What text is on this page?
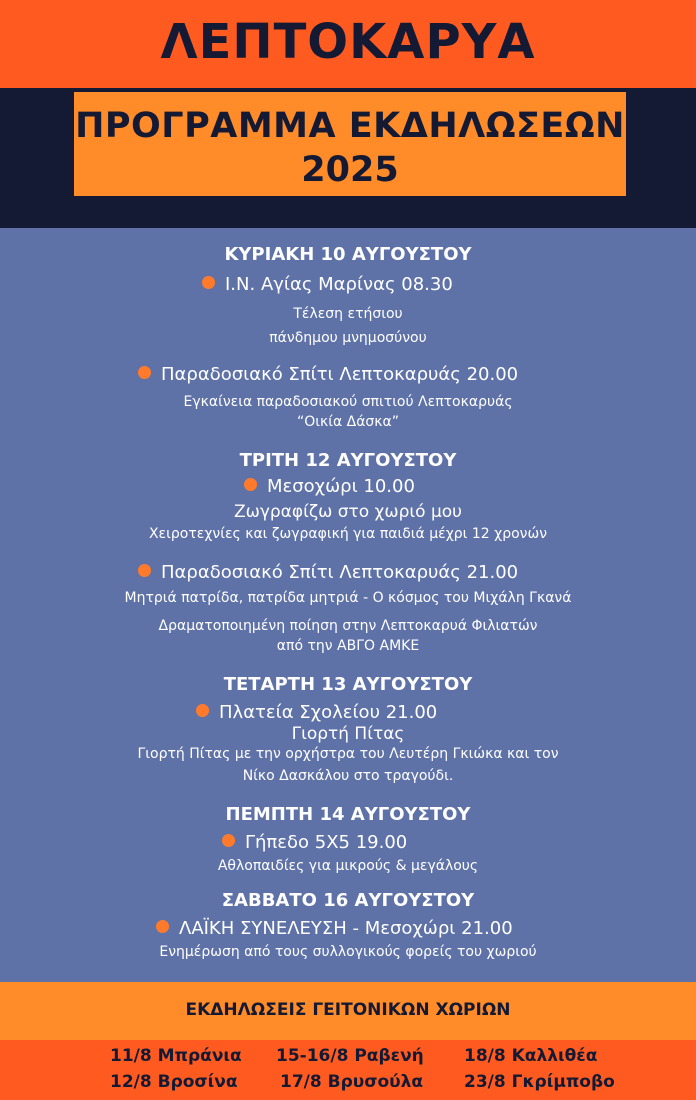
ΛΕΠΤΟΚΑΡΥΑ
ΠΡΟΓΡΑΜΜΑ ΕΚΔΗΛΩΣΕΩΝ
2025
ΚΥΡΙΑΚΗ 10 ΑΥΓΟΥΣΤΟΥ
Ι.Ν. Αγίας Μαρίνας 08.30
Τέλεση ετήσιου
πάνδημου μνημοσύνου
Παραδοσιακό Σπίτι Λεπτοκαρυάς 20.00
Εγκαίνεια παραδοσιακού σπιτιού Λεπτοκαρυάς
“Οικία Δάσκα”
ΤΡΙΤΗ 12 ΑΥΓΟΥΣΤΟΥ
Μεσοχώρι 10.00
Ζωγραφίζω στο χωριό μου
Χειροτεχνίες και ζωγραφική για παιδιά μέχρι 12 χρονών
Παραδοσιακό Σπίτι Λεπτοκαρυάς 21.00
Μητριά πατρίδα, πατρίδα μητριά - Ο κόσμος του Μιχάλη Γκανά
Δραματοποιημένη ποίηση στην Λεπτοκαρυά Φιλιατών
από την ΑΒΓΟ ΑΜΚΕ
ΤΕΤΑΡΤΗ 13 ΑΥΓΟΥΣΤΟΥ
Πλατεία Σχολείου 21.00
Γιορτή Πίτας
Γιορτή Πίτας με την ορχήστρα του Λευτέρη Γκιώκα και τον
Νίκο Δασκάλου στο τραγούδι.
ΠΕΜΠΤΗ 14 ΑΥΓΟΥΣΤΟΥ
Γήπεδο 5Χ5 19.00
Αθλοπαιδίες για μικρούς & μεγάλους
ΣΑΒΒΑΤΟ 16 ΑΥΓΟΥΣΤΟΥ
ΛΑΪΚΗ ΣΥΝΕΛΕΥΣΗ - Μεσοχώρι 21.00
Ενημέρωση από τους συλλογικούς φορείς του χωριού
ΕΚΔΗΛΩΣΕΙΣ ΓΕΙΤΟΝΙΚΩΝ ΧΩΡΙΩΝ
11/8 Μπράνια
12/8 Βροσίνα
15-16/8 Ραβενή
17/8 Βρυσούλα
18/8 Καλλιθέα
23/8 Γκρίμποβο
